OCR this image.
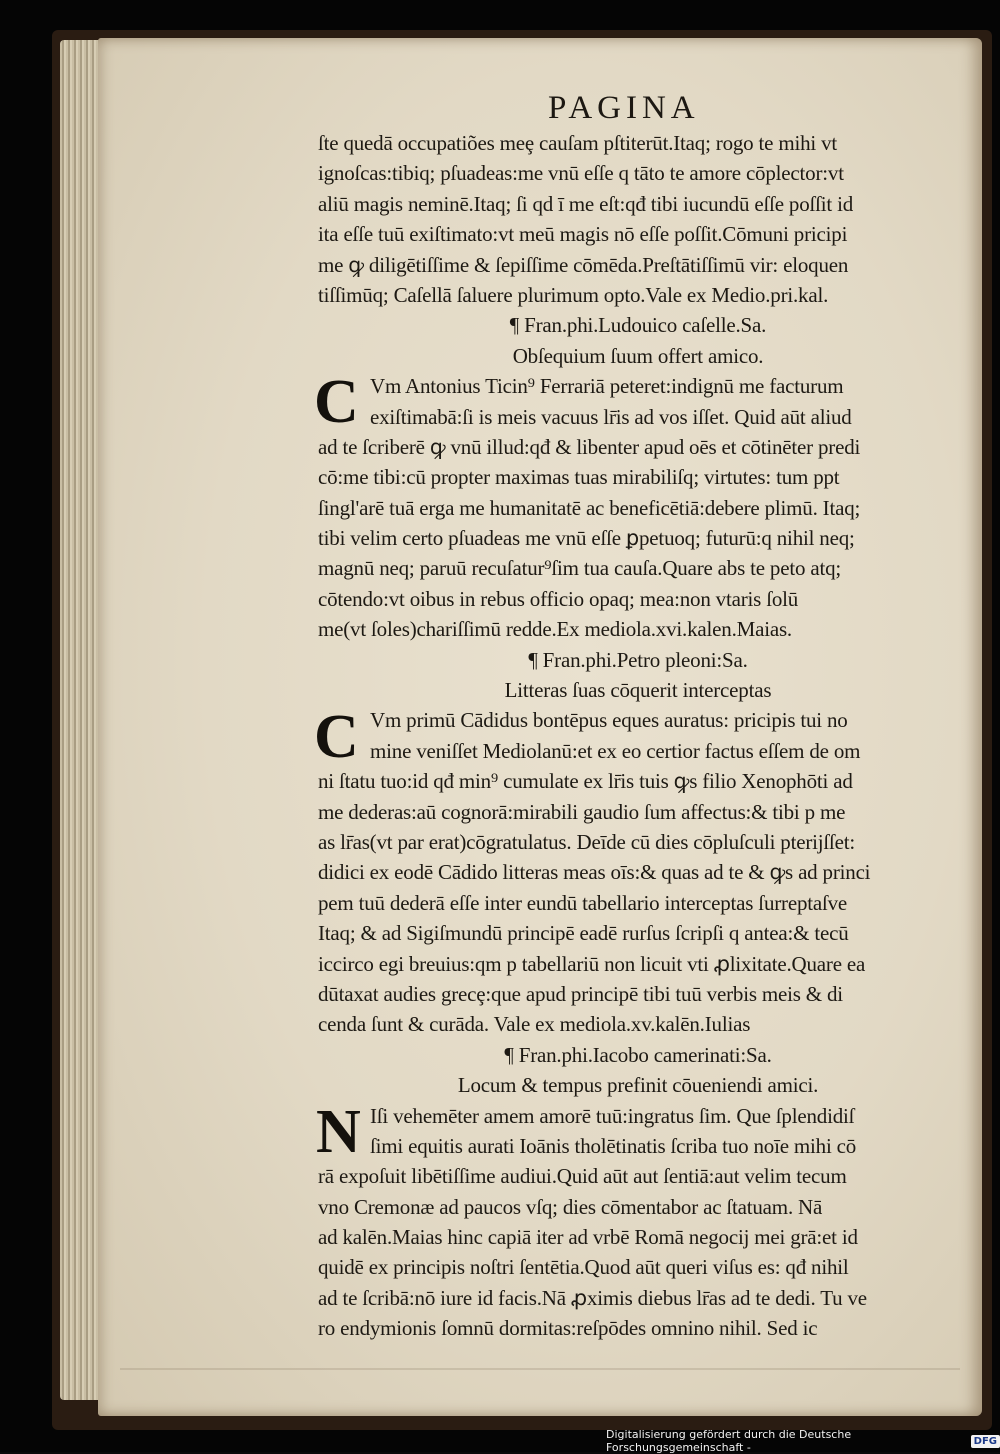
PAGINA
ſte quedā occupatiões meȩ cauſam pſtiterūt.Itaq; rogo te mihi vt
ignoſcas:tibiq; pſuadeas:me vnū eſſe q tāto te amore cōplector:vt
aliū magis neminē.Itaq; ſi qd ī me eſt:qđ tibi iucundū eſſe poſſit id
ita eſſe tuū exiſtimato:vt meū magis nō eſſe poſſit.Cōmuni pricipi
me ꝙ diligētiſſime & ſepiſſime cōmēda.Preſtātiſſimū vir: eloquen
tiſſimūq; Caſellā ſaluere plurimum opto.Vale ex Medio.pri.kal.
¶ Fran.phi.Ludouico caſelle.Sa.
Obſequium ſuum offert amico.
C Vm Antonius Ticin⁹ Ferrariā peteret:indignū me facturum
exiſtimabā:ſi is meis vacuus lr̄is ad vos iſſet. Quid aūt aliud
ad te ſcriberē ꝙ vnū illud:qđ & libenter apud oēs et cōtinēter predi
cō:me tibi:cū propter maximas tuas mirabiliſq; virtutes: tum ppt
ſingl'arē tuā erga me humanitatē ac beneficētiā:debere plimū. Itaq;
tibi velim certo pſuadeas me vnū eſſe ꝑpetuoq; futurū:q nihil neq;
magnū neq; paruū recuſatur⁹ſim tua cauſa.Quare abs te peto atq;
cōtendo:vt oibus in rebus officio opaq; mea:non vtaris ſolū
me(vt ſoles)chariſſimū redde.Ex mediola.xvi.kalen.Maias.
¶ Fran.phi.Petro pleoni:Sa.
Litteras ſuas cōquerit interceptas
C Vm primū Cādidus bontēpus eques auratus: pricipis tui no
mine veniſſet Mediolanū:et ex eo certior factus eſſem de om
ni ſtatu tuo:id qđ min⁹ cumulate ex lr̄is tuis ꝙs filio Xenophōti ad
me dederas:aū cognorā:mirabili gaudio ſum affectus:& tibi p me
as lr̄as(vt par erat)cōgratulatus. Deīde cū dies cōpluſculi pterijſſet:
didici ex eodē Cādido litteras meas oīs:& quas ad te & ꝙs ad princi
pem tuū dederā eſſe inter eundū tabellario interceptas ſurreptaſve
Itaq; & ad Sigiſmundū principē eadē rurſus ſcripſi q antea:& tecū
iccirco egi breuius:qm p tabellariū non licuit vti ꝓlixitate.Quare ea
dūtaxat audies grecȩ:que apud principē tibi tuū verbis meis & di
cenda ſunt & curāda. Vale ex mediola.xv.kalēn.Iulias
¶ Fran.phi.Iacobo camerinati:Sa.
Locum & tempus prefinit cōueniendi amici.
N Iſi vehemēter amem amorē tuū:ingratus ſim. Que ſplendidiſ
ſimi equitis aurati Ioānis tholētinatis ſcriba tuo noīe mihi cō
rā expoſuit libētiſſime audiui.Quid aūt aut ſentiā:aut velim tecum
vno Cremonæ ad paucos vſq; dies cōmentabor ac ſtatuam. Nā
ad kalēn.Maias hinc capiā iter ad vrbē Romā negocij mei grā:et id
quidē ex principis noſtri ſentētia.Quod aūt queri viſus es: qđ nihil
ad te ſcribā:nō iure id facis.Nā ꝓximis diebus lr̄as ad te dedi. Tu ve
ro endymionis ſomnū dormitas:reſpōdes omnino nihil. Sed ic
Digitalisierung gefördert durch die Deutsche Forschungsgemeinschaft -	DFG
